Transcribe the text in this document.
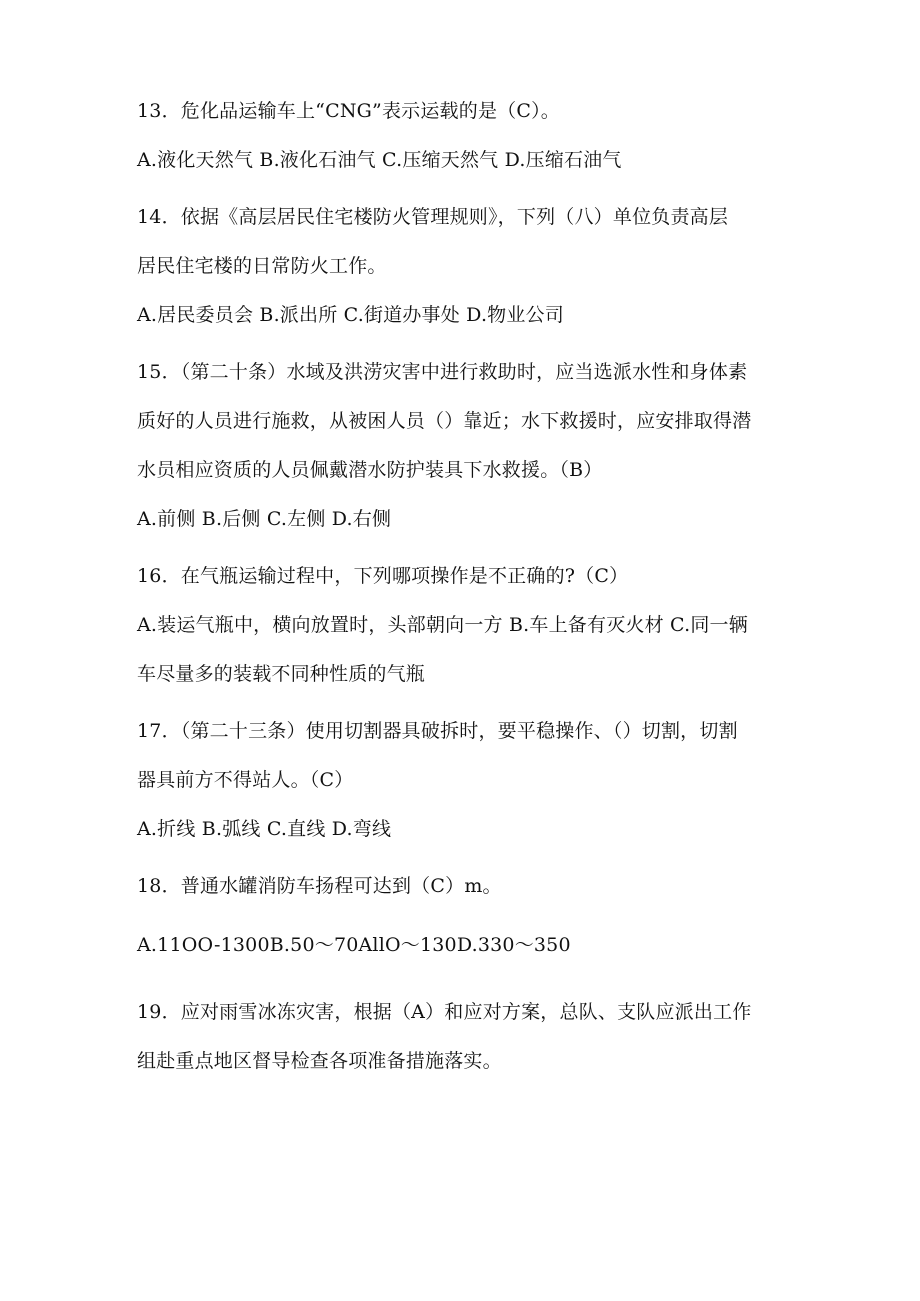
13．危化品运输车上“CNG”表示运载的是（C）。
A.液化天然气 B.液化石油气 C.压缩天然气 D.压缩石油气
14．依据《高层居民住宅楼防火管理规则》，下列（八）单位负责高层
居民住宅楼的日常防火工作。
A.居民委员会 B.派出所 C.街道办事处 D.物业公司
15．（第二十条）水域及洪涝灾害中进行救助时，应当选派水性和身体素
质好的人员进行施救，从被困人员（）靠近；水下救援时，应安排取得潜
水员相应资质的人员佩戴潜水防护装具下水救援。（B）
A.前侧 B.后侧 C.左侧 D.右侧
16．在气瓶运输过程中，下列哪项操作是不正确的?（C）
A.装运气瓶中，横向放置时，头部朝向一方 B.车上备有灭火材 C.同一辆
车尽量多的装载不同种性质的气瓶
17．（第二十三条）使用切割器具破拆时，要平稳操作、（）切割，切割
器具前方不得站人。（C）
A.折线 B.弧线 C.直线 D.弯线
18．普通水罐消防车扬程可达到（C）m。
A.11OO-1300B.50～70AllO～130D.330～350
19．应对雨雪冰冻灾害，根据（A）和应对方案，总队、支队应派出工作
组赴重点地区督导检查各项准备措施落实。
